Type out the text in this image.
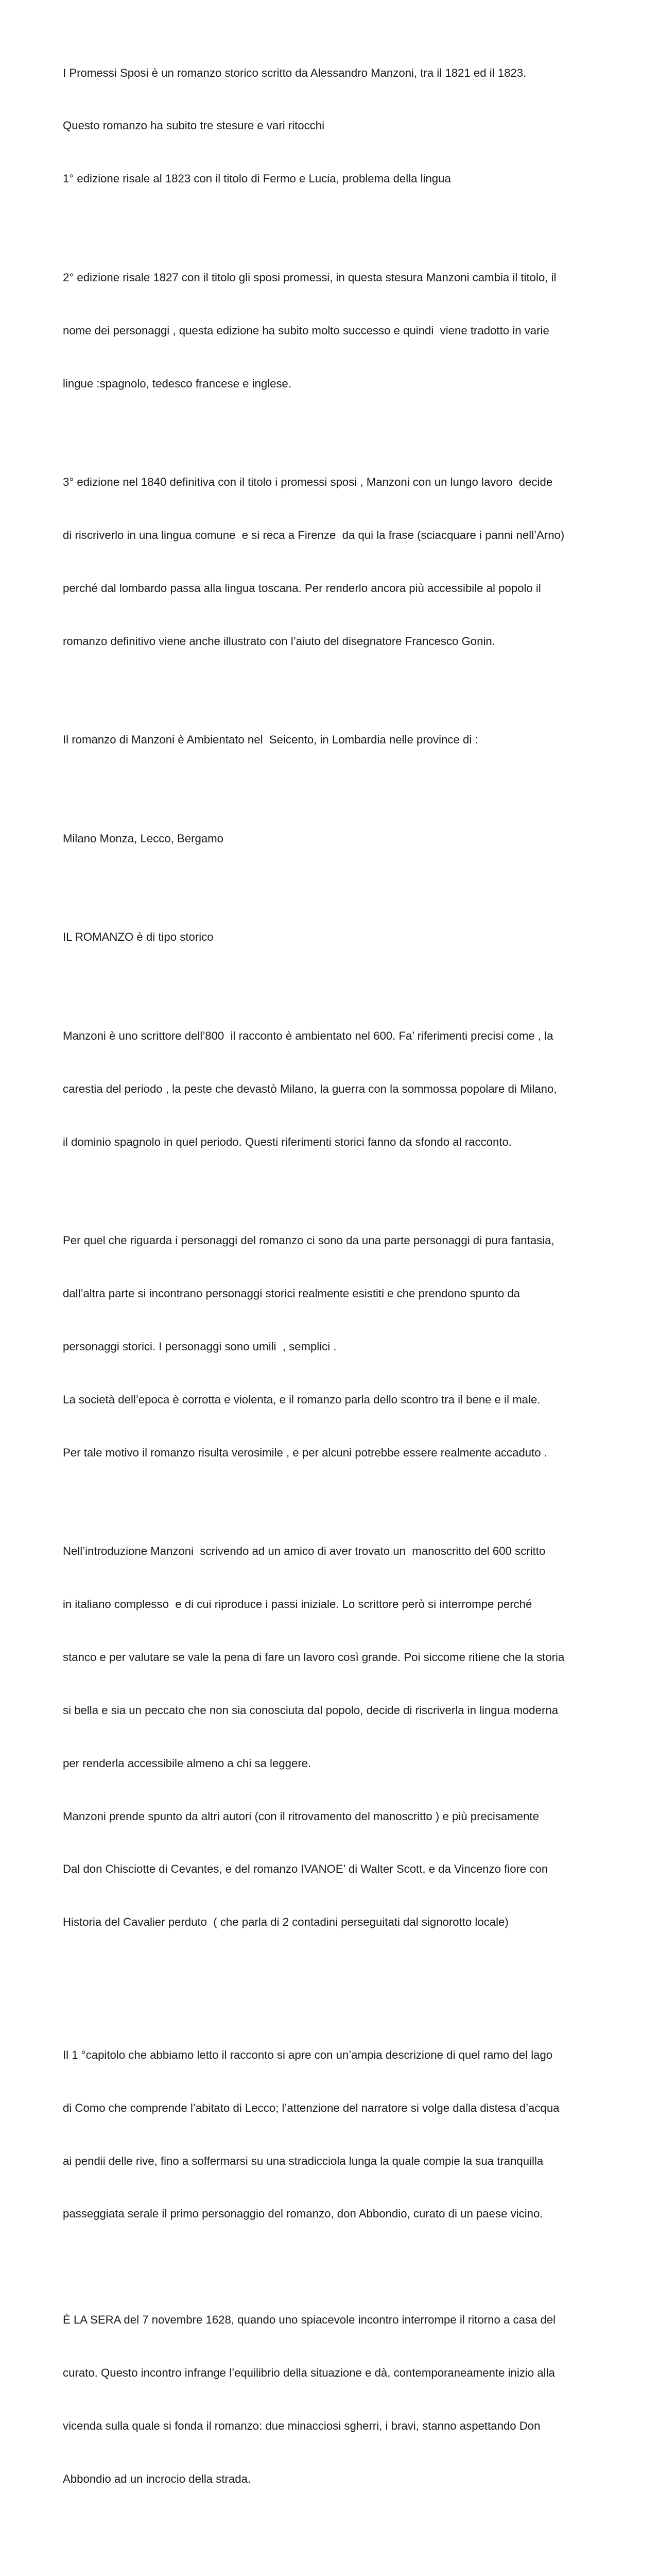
I Promessi Sposi è un romanzo storico scritto da Alessandro Manzoni, tra il 1821 ed il 1823.

Questo romanzo ha subito tre stesure e vari ritocchi

1° edizione risale al 1823 con il titolo di Fermo e Lucia, problema della lingua

2° edizione risale 1827 con il titolo gli sposi promessi, in questa stesura Manzoni cambia il titolo, il

nome dei personaggi , questa edizione ha subito molto successo e quindi  viene tradotto in varie

lingue :spagnolo, tedesco francese e inglese.

3° edizione nel 1840 definitiva con il titolo i promessi sposi , Manzoni con un lungo lavoro  decide

di riscriverlo in una lingua comune  e si reca a Firenze  da qui la frase (sciacquare i panni nell’Arno)

perché dal lombardo passa alla lingua toscana. Per renderlo ancora più accessibile al popolo il

romanzo definitivo viene anche illustrato con l’aiuto del disegnatore Francesco Gonin.

Il romanzo di Manzoni è Ambientato nel  Seicento, in Lombardia nelle province di :

Milano Monza, Lecco, Bergamo

IL ROMANZO è di tipo storico

Manzoni è uno scrittore dell’800  il racconto è ambientato nel 600. Fa’ riferimenti precisi come , la

carestia del periodo , la peste che devastò Milano, la guerra con la sommossa popolare di Milano,

il dominio spagnolo in quel periodo. Questi riferimenti storici fanno da sfondo al racconto.

Per quel che riguarda i personaggi del romanzo ci sono da una parte personaggi di pura fantasia,

dall’altra parte si incontrano personaggi storici realmente esistiti e che prendono spunto da

personaggi storici. I personaggi sono umili  , semplici .

La società dell’epoca è corrotta e violenta, e il romanzo parla dello scontro tra il bene e il male.

Per tale motivo il romanzo risulta verosimile , e per alcuni potrebbe essere realmente accaduto .

Nell’introduzione Manzoni  scrivendo ad un amico di aver trovato un  manoscritto del 600 scritto

in italiano complesso  e di cui riproduce i passi iniziale. Lo scrittore però si interrompe perché

stanco e per valutare se vale la pena di fare un lavoro così grande. Poi siccome ritiene che la storia

si bella e sia un peccato che non sia conosciuta dal popolo, decide di riscriverla in lingua moderna

per renderla accessibile almeno a chi sa leggere.

Manzoni prende spunto da altri autori (con il ritrovamento del manoscritto ) e più precisamente

Dal don Chisciotte di Cevantes, e del romanzo IVANOE’ di Walter Scott, e da Vincenzo fiore con

Historia del Cavalier perduto  ( che parla di 2 contadini perseguitati dal signorotto locale)

Il 1 °capitolo che abbiamo letto il racconto si apre con un’ampia descrizione di quel ramo del lago

di Como che comprende l’abitato di Lecco; l’attenzione del narratore si volge dalla distesa d’acqua

ai pendii delle rive, fino a soffermarsi su una stradicciola lunga la quale compie la sua tranquilla

passeggiata serale il primo personaggio del romanzo, don Abbondio, curato di un paese vicino.

È LA SERA del 7 novembre 1628, quando uno spiacevole incontro interrompe il ritorno a casa del

curato. Questo incontro infrange l’equilibrio della situazione e dà, contemporaneamente inizio alla

vicenda sulla quale si fonda il romanzo: due minacciosi sgherri, i bravi, stanno aspettando Don

Abbondio ad un incrocio della strada.
